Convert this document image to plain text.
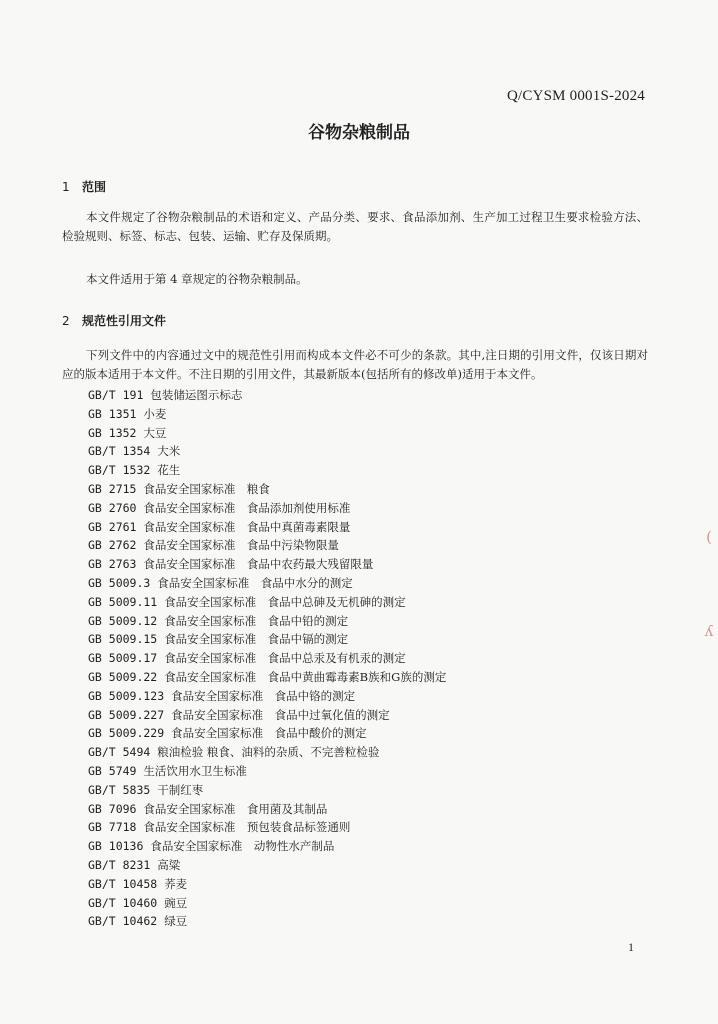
Q/CYSM 0001S-2024
谷物杂粮制品
1 范围

本文件规定了谷物杂粮制品的术语和定义、产品分类、要求、食品添加剂、生产加工过程卫生要求检验方法、检验规则、标签、标志、包装、运输、贮存及保质期。

本文件适用于第 4 章规定的谷物杂粮制品。

2 规范性引用文件

下列文件中的内容通过文中的规范性引用而构成本文件必不可少的条款。其中,注日期的引用文件，仅该日期对应的版本适用于本文件。不注日期的引用文件，其最新版本(包括所有的修改单)适用于本文件。

GB/T 191 包装储运图示标志
GB 1351 小麦
GB 1352 大豆
GB/T 1354 大米
GB/T 1532 花生
GB 2715 食品安全国家标准　粮食
GB 2760 食品安全国家标准　食品添加剂使用标准
GB 2761 食品安全国家标准　食品中真菌毒素限量
GB 2762 食品安全国家标准　食品中污染物限量
GB 2763 食品安全国家标准　食品中农药最大残留限量
GB 5009.3 食品安全国家标准　食品中水分的测定
GB 5009.11 食品安全国家标准　食品中总砷及无机砷的测定
GB 5009.12 食品安全国家标准　食品中铅的测定
GB 5009.15 食品安全国家标准　食品中镉的测定
GB 5009.17 食品安全国家标准　食品中总汞及有机汞的测定
GB 5009.22 食品安全国家标准　食品中黄曲霉毒素B族和G族的测定
GB 5009.123 食品安全国家标准　食品中铬的测定
GB 5009.227 食品安全国家标准　食品中过氧化值的测定
GB 5009.229 食品安全国家标准　食品中酸价的测定
GB/T 5494 粮油检验 粮食、油料的杂质、不完善粒检验
GB 5749 生活饮用水卫生标准
GB/T 5835 干制红枣
GB 7096 食品安全国家标准　食用菌及其制品
GB 7718 食品安全国家标准　预包装食品标签通则
GB 10136 食品安全国家标准　动物性水产制品
GB/T 8231 高粱
GB/T 10458 荞麦
GB/T 10460 豌豆
GB/T 10462 绿豆
1
(
ʎ
